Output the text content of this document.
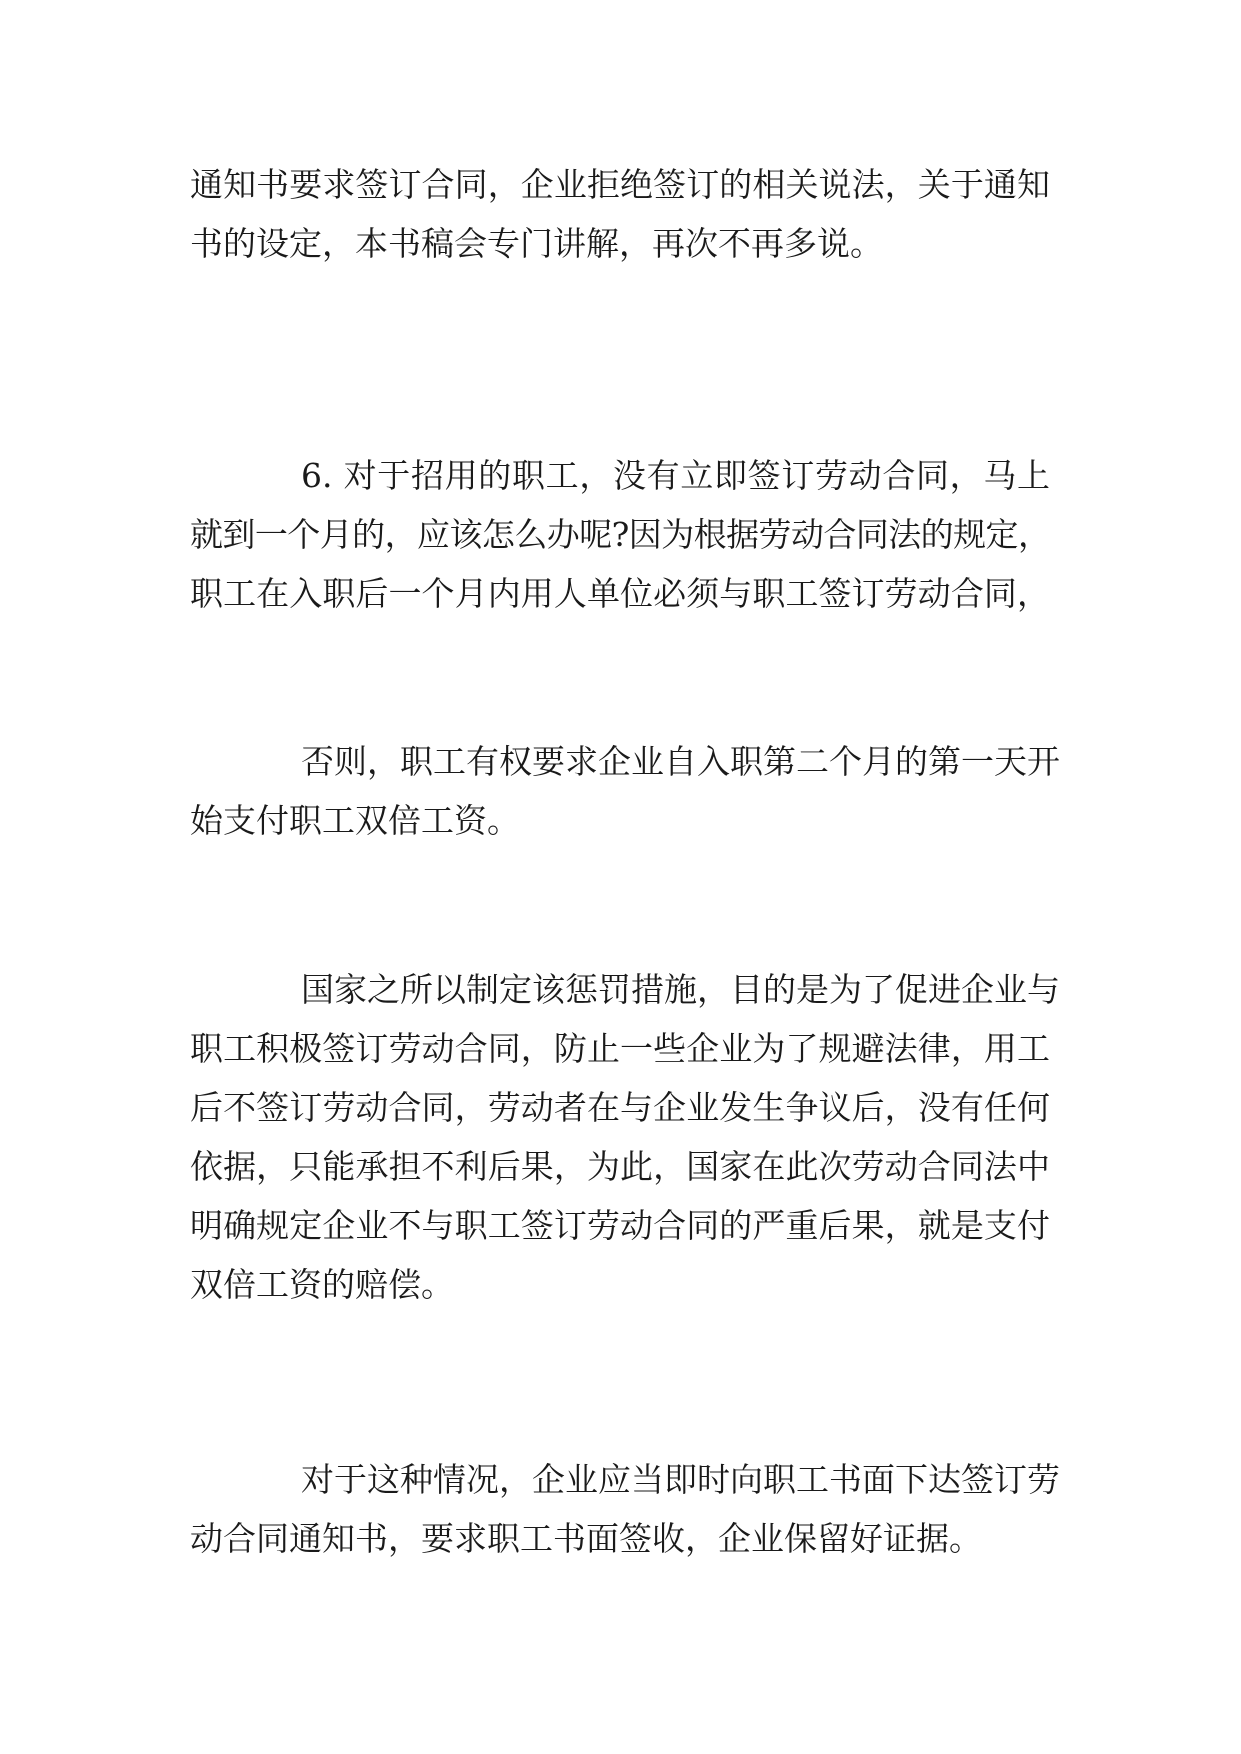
通知书要求签订合同，企业拒绝签订的相关说法，关于通知
书的设定，本书稿会专门讲解，再次不再多说。

6. 对于招用的职工，没有立即签订劳动合同，马上
就到一个月的，应该怎么办呢?因为根据劳动合同法的规定，
职工在入职后一个月内用人单位必须与职工签订劳动合同，

否则，职工有权要求企业自入职第二个月的第一天开
始支付职工双倍工资。

国家之所以制定该惩罚措施，目的是为了促进企业与
职工积极签订劳动合同，防止一些企业为了规避法律，用工
后不签订劳动合同，劳动者在与企业发生争议后，没有任何
依据，只能承担不利后果，为此，国家在此次劳动合同法中
明确规定企业不与职工签订劳动合同的严重后果，就是支付
双倍工资的赔偿。

对于这种情况，企业应当即时向职工书面下达签订劳
动合同通知书，要求职工书面签收，企业保留好证据。
